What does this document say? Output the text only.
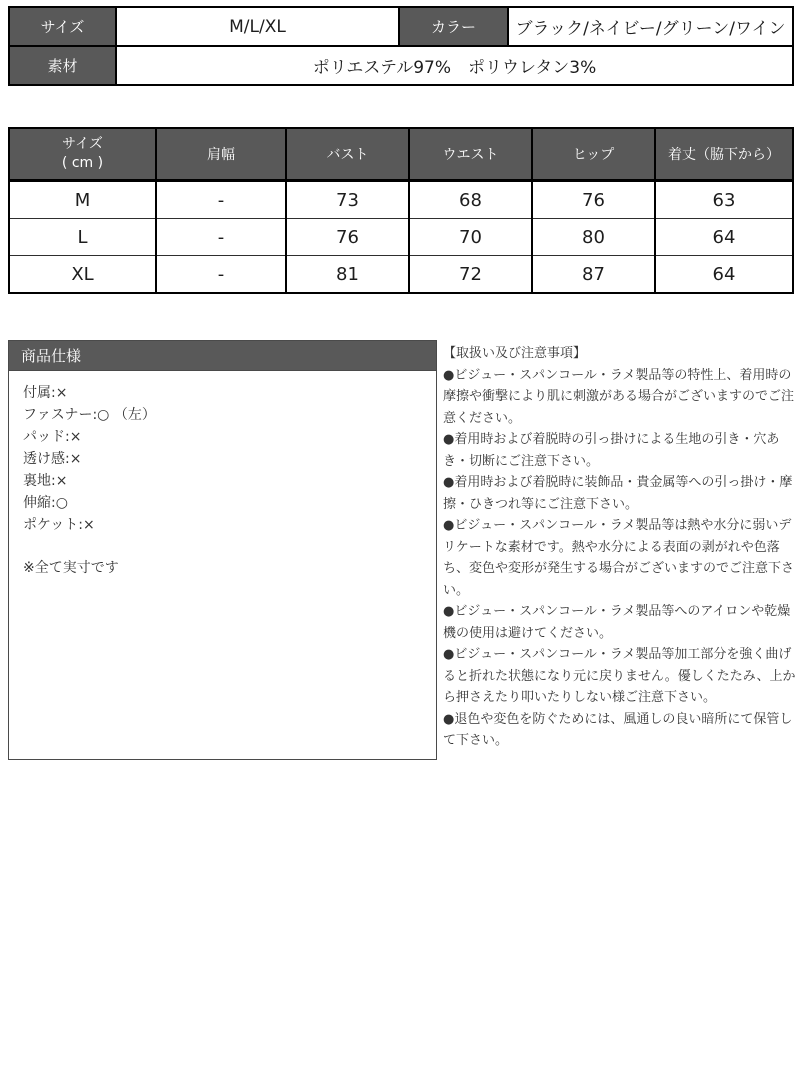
サイズ	M/L/XL	カラー	ブラック/ネイビー/グリーン/ワイン
素材	ポリエステル97%　ポリウレタン3%		
サイズ
( cm )	肩幅	バスト	ウエスト	ヒップ	着丈（脇下から）
M	-	73	68	76	63
L	-	76	70	80	64
XL	-	81	72	87	64
商品仕様
付属:×
ファスナー:○ （左）
パッド:×
透け感:×
裏地:×
伸縮:○
ポケット:×
※全て実寸です

【取扱い及び注意事項】

●ビジュー・スパンコール・ラメ製品等の特性上、着用時の摩擦や衝撃により肌に刺激がある場合がございますのでご注意ください。

●着用時および着脱時の引っ掛けによる生地の引き・穴あき・切断にご注意下さい。

●着用時および着脱時に装飾品・貴金属等への引っ掛け・摩擦・ひきつれ等にご注意下さい。

●ビジュー・スパンコール・ラメ製品等は熱や水分に弱いデリケートな素材です。熱や水分による表面の剥がれや色落ち、変色や変形が発生する場合がございますのでご注意下さい。

●ビジュー・スパンコール・ラメ製品等へのアイロンや乾燥機の使用は避けてください。

●ビジュー・スパンコール・ラメ製品等加工部分を強く曲げると折れた状態になり元に戻りません。優しくたたみ、上から押さえたり叩いたりしない様ご注意下さい。

●退色や変色を防ぐためには、風通しの良い暗所にて保管して下さい。
